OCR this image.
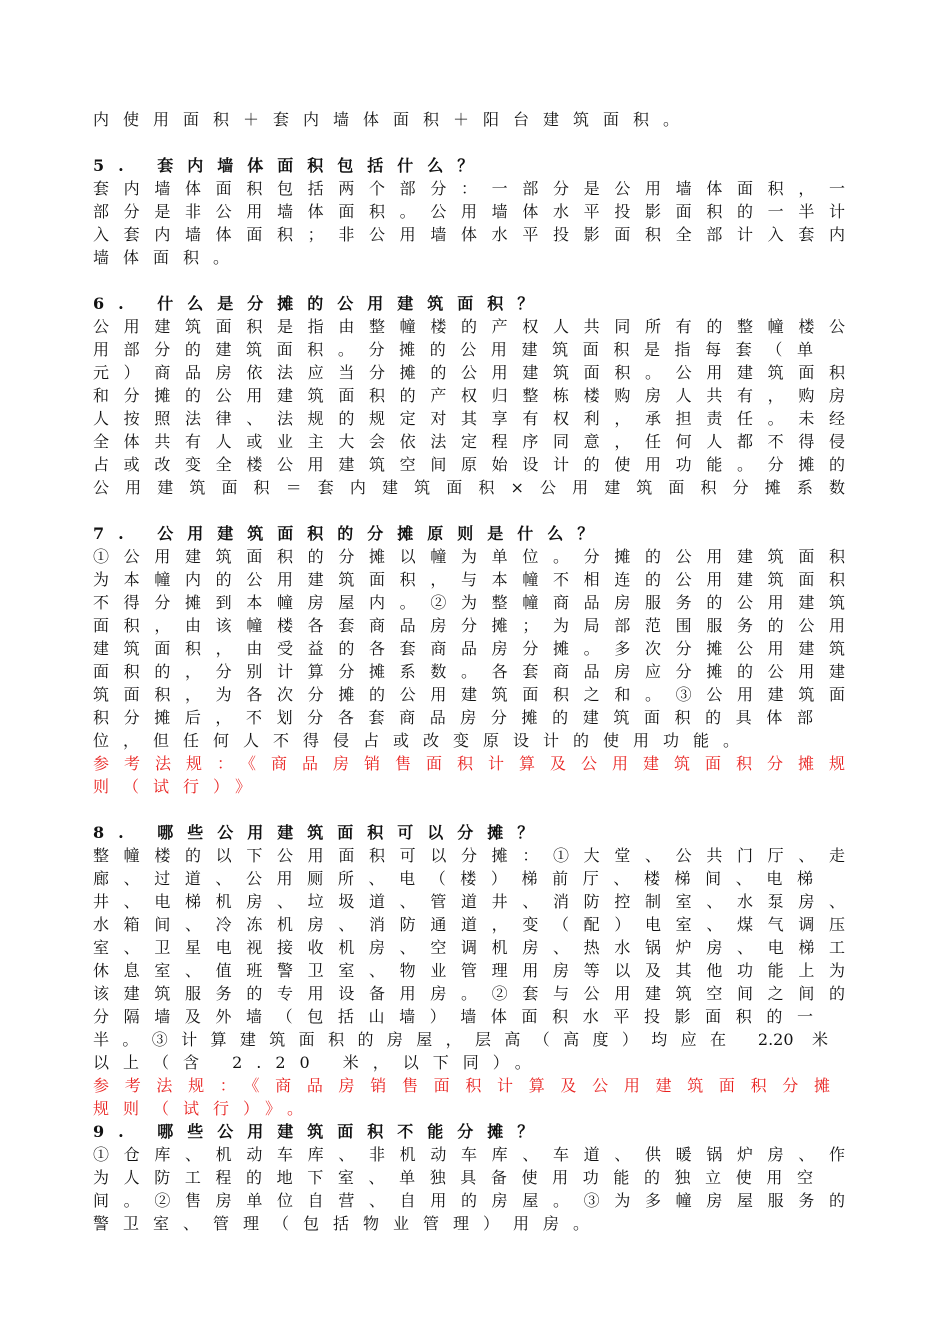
内使用面积＋套内墙体面积＋阳台建筑面积。
5. 套内墙体面积包括什么？
套内墙体面积包括两个部分：一部分是公用墙体面积，一
部分是非公用墙体面积。公用墙体水平投影面积的一半计
入套内墙体面积；非公用墙体水平投影面积全部计入套内
墙体面积。
6. 什么是分摊的公用建筑面积？
公用建筑面积是指由整幢楼的产权人共同所有的整幢楼公
用部分的建筑面积。分摊的公用建筑面积是指每套（单
元）商品房依法应当分摊的公用建筑面积。公用建筑面积
和分摊的公用建筑面积的产权归整栋楼购房人共有，购房
人按照法律、法规的规定对其享有权利，承担责任。未经
全体共有人或业主大会依法定程序同意，任何人都不得侵
占或改变全楼公用建筑空间原始设计的使用功能。分摊的
公用建筑面积＝套内建筑面积×公用建筑面积分摊系数
7. 公用建筑面积的分摊原则是什么？
①公用建筑面积的分摊以幢为单位。分摊的公用建筑面积
为本幢内的公用建筑面积，与本幢不相连的公用建筑面积
不得分摊到本幢房屋内。②为整幢商品房服务的公用建筑
面积，由该幢楼各套商品房分摊；为局部范围服务的公用
建筑面积，由受益的各套商品房分摊。多次分摊公用建筑
面积的，分别计算分摊系数。各套商品房应分摊的公用建
筑面积，为各次分摊的公用建筑面积之和。③公用建筑面
积分摊后，不划分各套商品房分摊的建筑面积的具体部
位，但任何人不得侵占或改变原设计的使用功能。
参考法规：《商品房销售面积计算及公用建筑面积分摊规
则（试行）》
8. 哪些公用建筑面积可以分摊？
整幢楼的以下公用面积可以分摊：①大堂、公共门厅、走
廊、过道、公用厕所、电（楼）梯前厅、楼梯间、电梯
井、电梯机房、垃圾道、管道井、消防控制室、水泵房、
水箱间、冷冻机房、消防通道，变（配）电室、煤气调压
室、卫星电视接收机房、空调机房、热水锅炉房、电梯工
休息室、值班警卫室、物业管理用房等以及其他功能上为
该建筑服务的专用设备用房。②套与公用建筑空间之间的
分隔墙及外墙（包括山墙）墙体面积水平投影面积的一
半。③计算建筑面积的房屋，层高（高度）均应在 2.20 米
以上（含 2.20 米，以下同）。
参考法规：《商品房销售面积计算及公用建筑面积分摊
规则（试行）》。
9. 哪些公用建筑面积不能分摊？
①仓库、机动车库、非机动车库、车道、供暖锅炉房、作
为人防工程的地下室、单独具备使用功能的独立使用空
间。②售房单位自营、自用的房屋。③为多幢房屋服务的
警卫室、管理（包括物业管理）用房。
